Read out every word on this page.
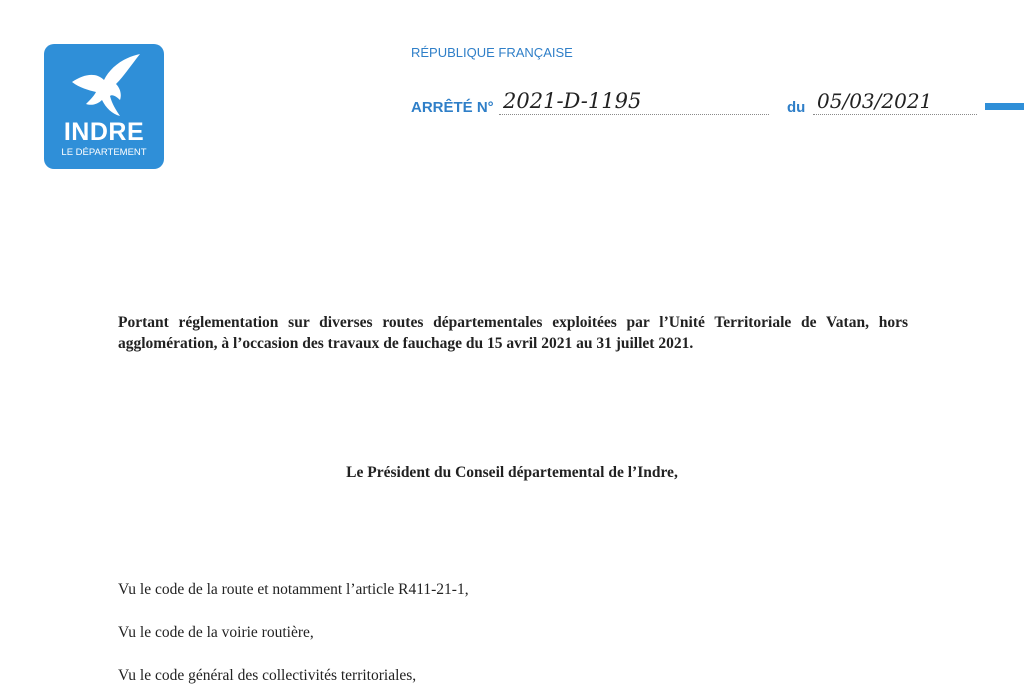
INDRE
LE DÉPARTEMENT
RÉPUBLIQUE FRANÇAISE
ARRÊTÉ N° 2021-D-1195	du 05/03/2021
Portant réglementation sur diverses routes départementales exploitées par l’Unité Territoriale de Vatan, hors agglomération, à l’occasion des travaux de fauchage du 15 avril 2021 au 31 juillet 2021.
Le Président du Conseil départemental de l’Indre,
Vu le code de la route et notamment l’article R411-21-1,
Vu le code de la voirie routière,
Vu le code général des collectivités territoriales,
